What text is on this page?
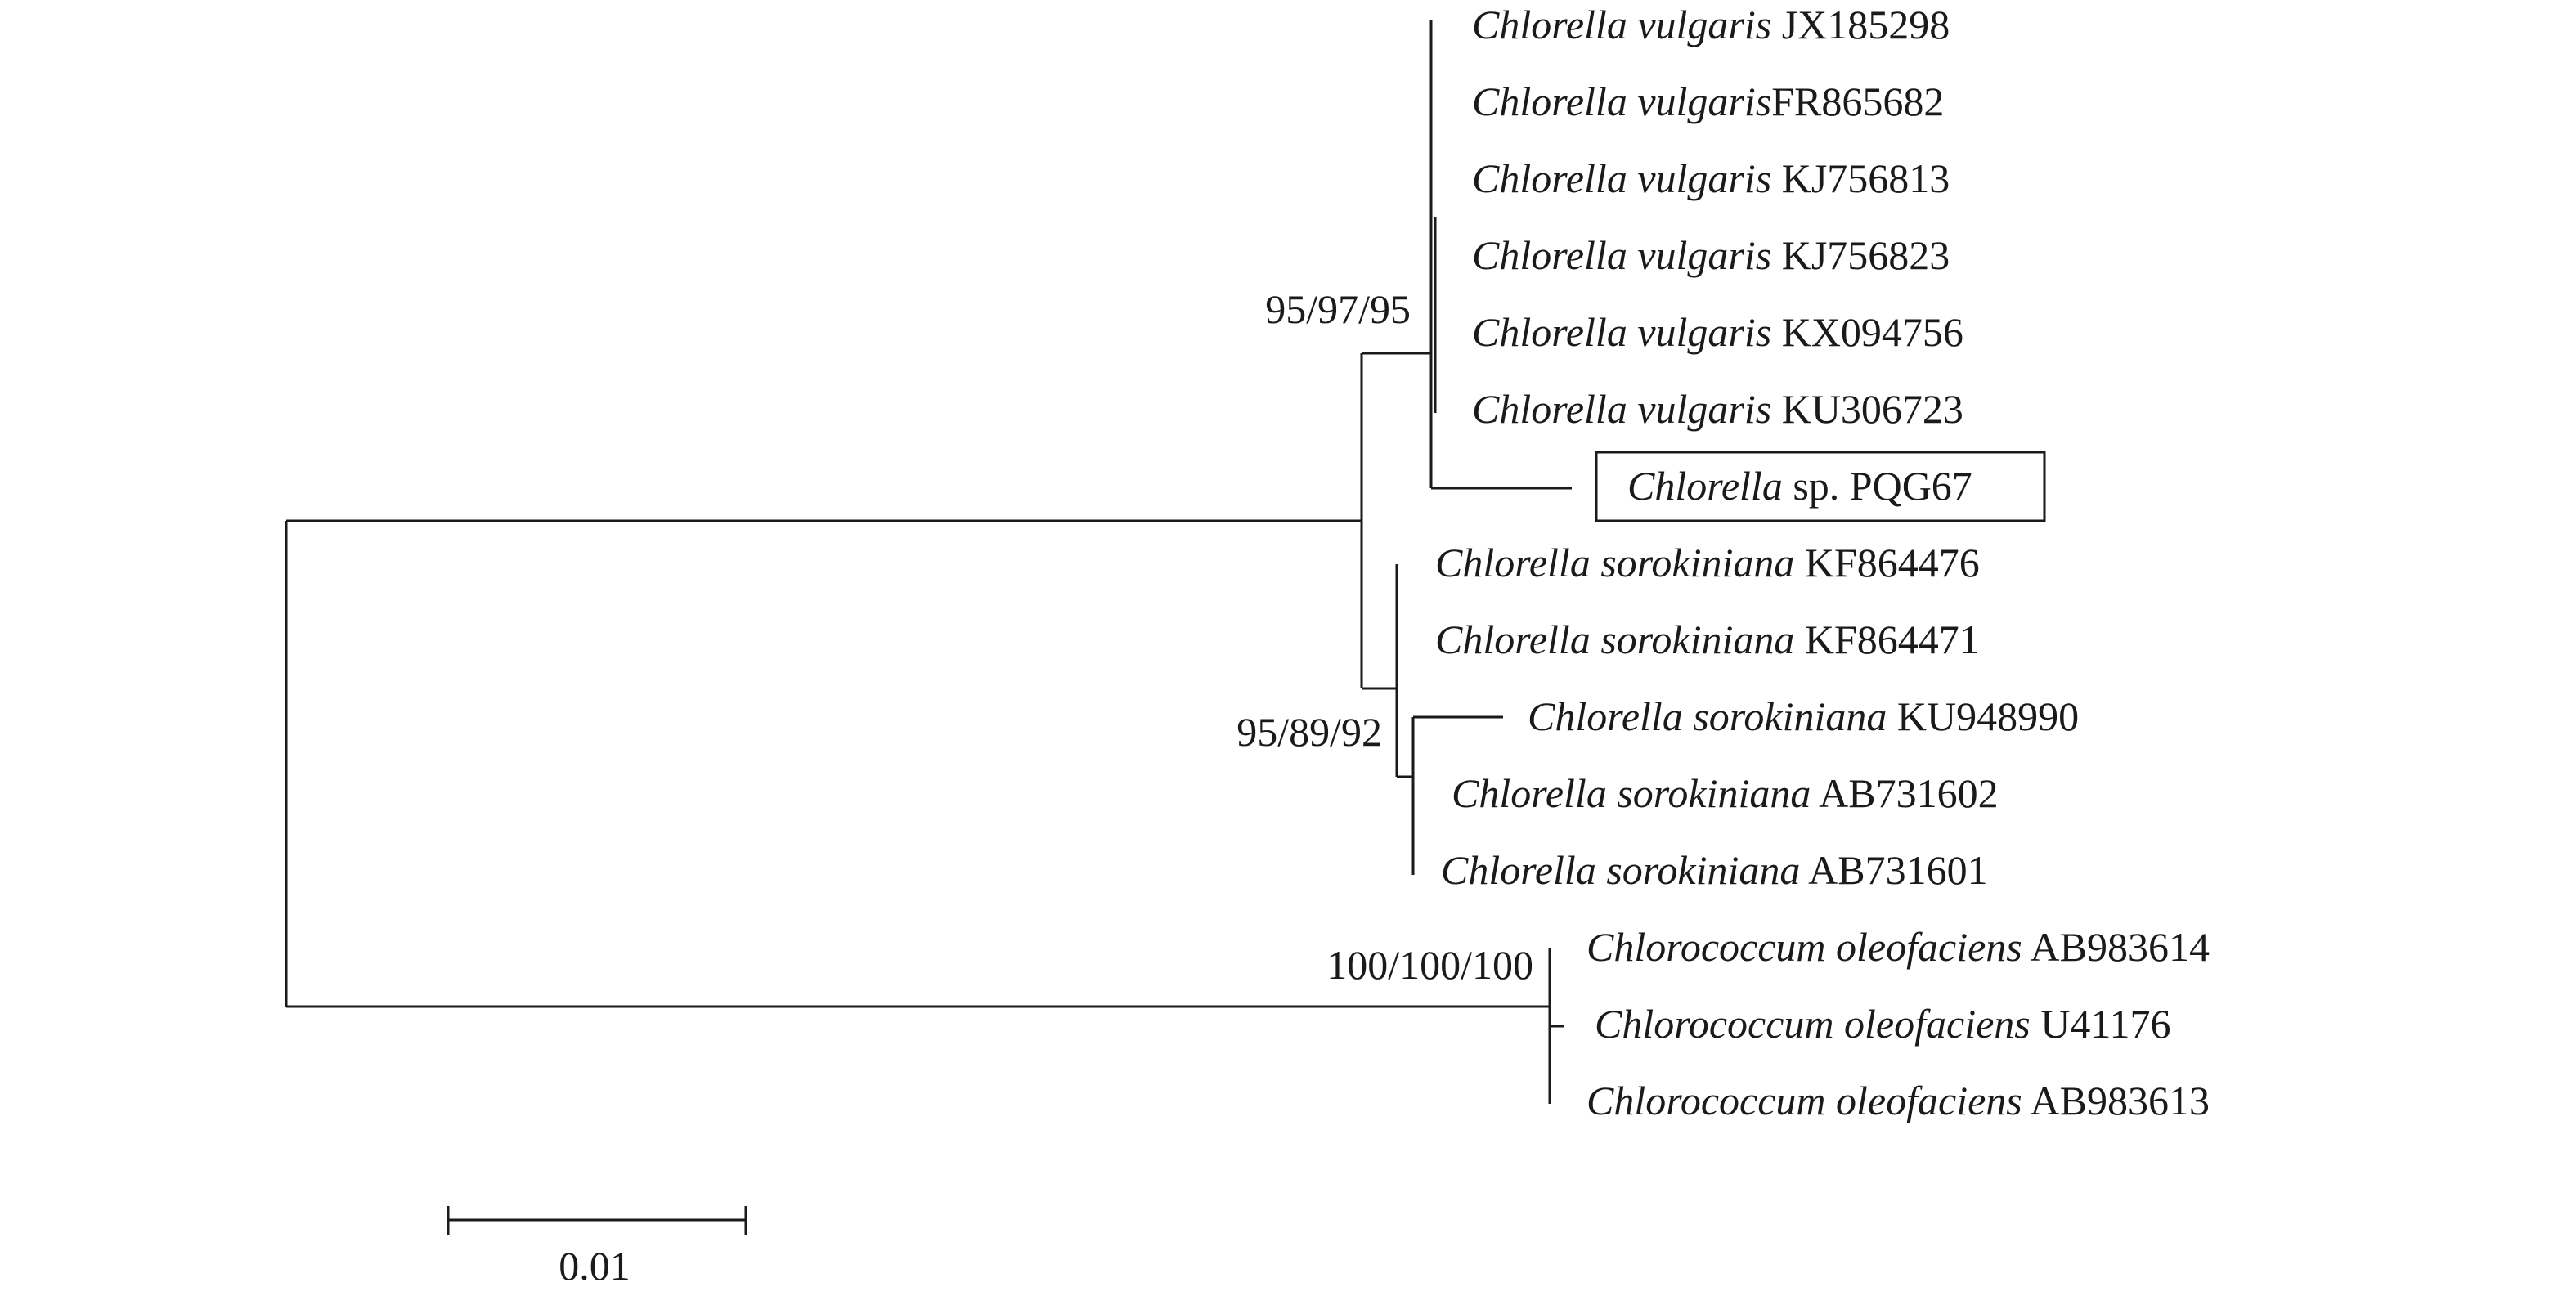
Chlorella vulgaris JX185298
Chlorella vulgarisFR865682
Chlorella vulgaris KJ756813
Chlorella vulgaris KJ756823
Chlorella vulgaris KX094756
Chlorella vulgaris KU306723
Chlorella sp. PQG67
Chlorella sorokiniana KF864476
Chlorella sorokiniana KF864471
Chlorella sorokiniana KU948990
Chlorella sorokiniana AB731602
Chlorella sorokiniana AB731601
Chlorococcum oleofaciens AB983614
Chlorococcum oleofaciens U41176
Chlorococcum oleofaciens AB983613
95/97/95
95/89/92
100/100/100
0.01
